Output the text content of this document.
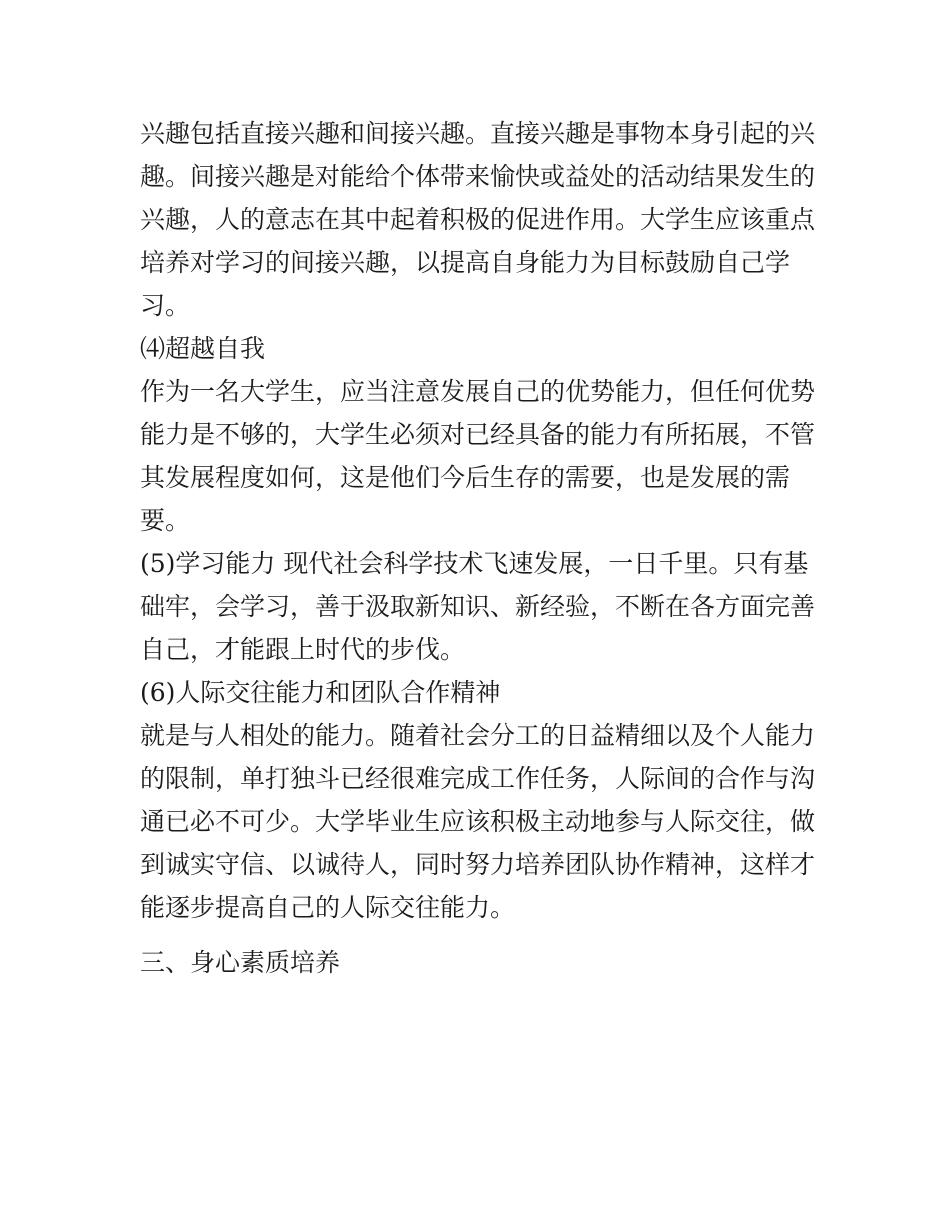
兴趣包括直接兴趣和间接兴趣。直接兴趣是事物本身引起的兴趣。间接兴趣是对能给个体带来愉快或益处的活动结果发生的兴趣，人的意志在其中起着积极的促进作用。大学生应该重点培养对学习的间接兴趣，以提高自身能力为目标鼓励自己学习。

⑷超越自我

作为一名大学生，应当注意发展自己的优势能力，但任何优势能力是不够的，大学生必须对已经具备的能力有所拓展，不管其发展程度如何，这是他们今后生存的需要，也是发展的需要。

(5)学习能力 现代社会科学技术飞速发展，一日千里。只有基础牢，会学习，善于汲取新知识、新经验，不断在各方面完善自己，才能跟上时代的步伐。

(6)人际交往能力和团队合作精神

就是与人相处的能力。随着社会分工的日益精细以及个人能力的限制，单打独斗已经很难完成工作任务，人际间的合作与沟通已必不可少。大学毕业生应该积极主动地参与人际交往，做到诚实守信、以诚待人，同时努力培养团队协作精神，这样才能逐步提高自己的人际交往能力。

三、身心素质培养
